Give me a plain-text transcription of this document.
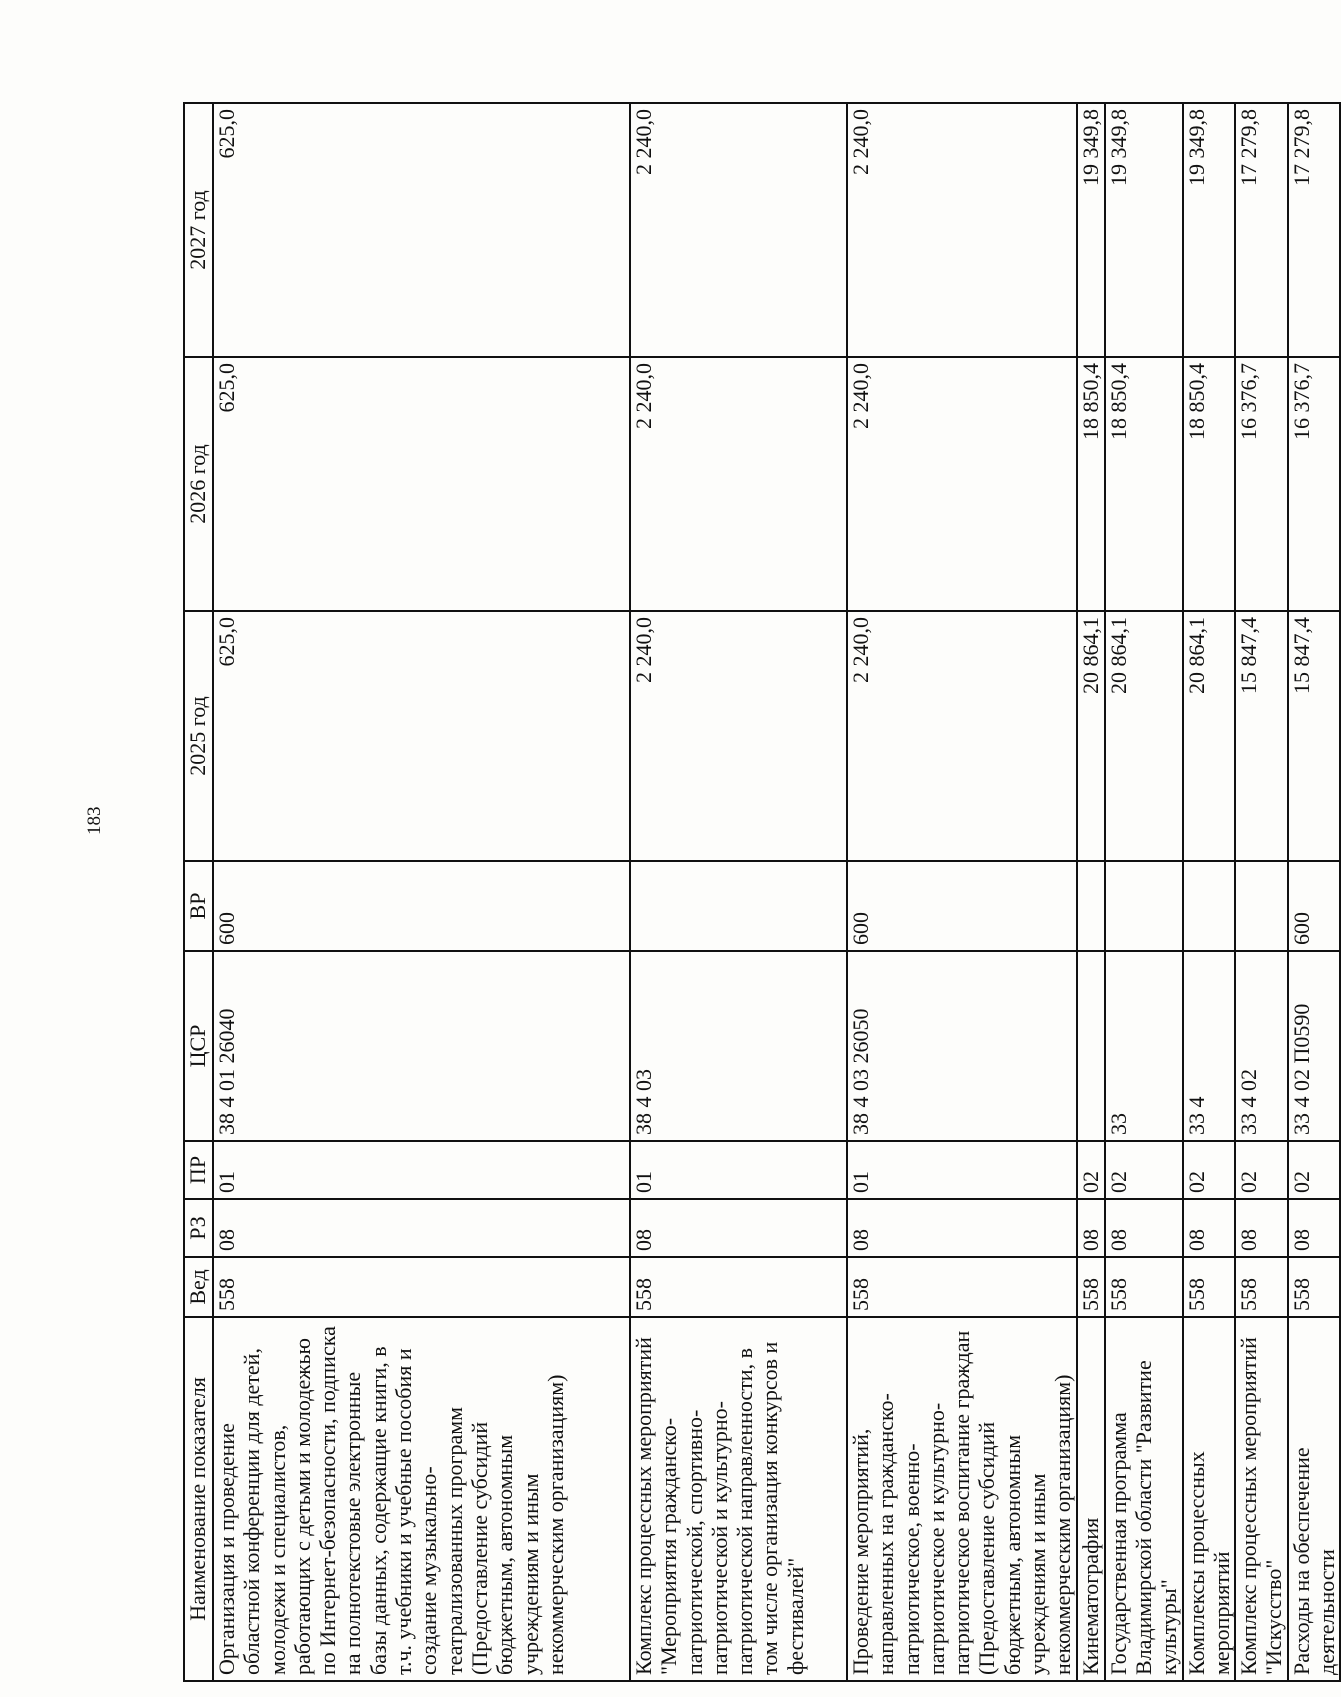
183
Наименование показателя	Вед	РЗ	ПР	ЦСР	ВР	2025 год	2026 год	2027 год
Организация и проведение областной конференции для детей, молодежи и специалистов, работающих с детьми и молодежью по Интернет-безопасности, подписка на полнотекстовые электронные базы данных, содержащие книги, в т.ч. учебники и учебные пособия и создание музыкально-театрализованных программ (Предоставление субсидий бюджетным, автономным учреждениям и иным некоммерческим организациям)	558	08	01	38 4 01 26040	600	625,0	625,0	625,0
Комплекс процессных мероприятий "Мероприятия гражданско-патриотической, спортивно-патриотической и культурно-патриотической направленности, в том числе организация конкурсов и фестивалей"	558	08	01	38 4 03		2 240,0	2 240,0	2 240,0
Проведение мероприятий, направленных на гражданско-патриотическое, военно-патриотическое и культурно-патриотическое воспитание граждан (Предоставление субсидий бюджетным, автономным учреждениям и иным некоммерческим организациям)	558	08	01	38 4 03 26050	600	2 240,0	2 240,0	2 240,0
Кинематография	558	08	02			20 864,1	18 850,4	19 349,8
Государственная программа Владимирской области "Развитие культуры"	558	08	02	33		20 864,1	18 850,4	19 349,8
Комплексы процессных мероприятий	558	08	02	33 4		20 864,1	18 850,4	19 349,8
Комплекс процессных мероприятий "Искусство"	558	08	02	33 4 02		15 847,4	16 376,7	17 279,8
Расходы на обеспечение деятельности	558	08	02	33 4 02 П0590	600	15 847,4	16 376,7	17 279,8
